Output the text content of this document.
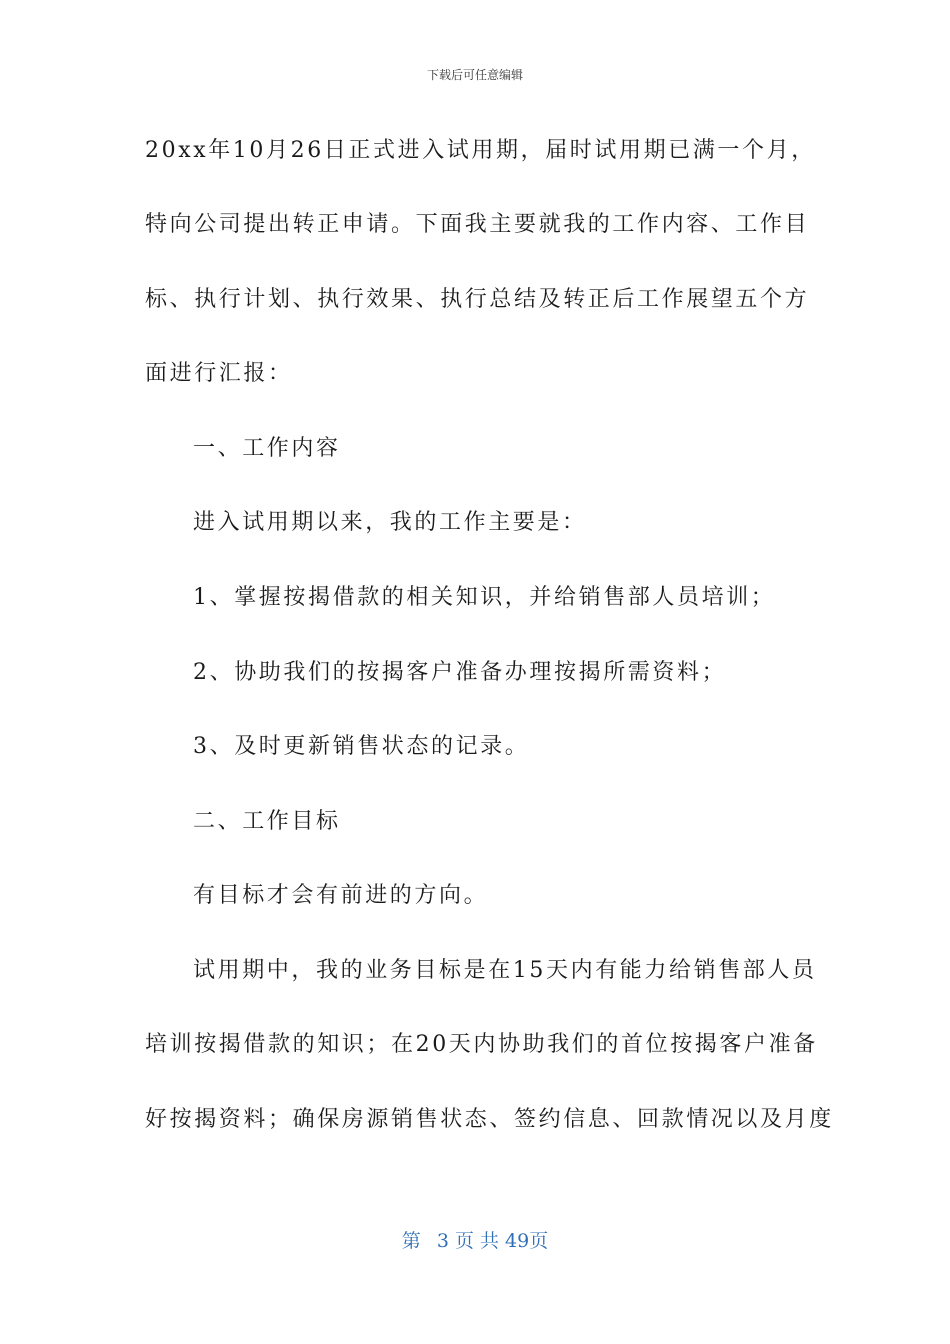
下载后可任意编辑
20xx年10月26日正式进入试用期，届时试用期已满一个月，
特向公司提出转正申请。下面我主要就我的工作内容、工作目
标、执行计划、执行效果、执行总结及转正后工作展望五个方
面进行汇报：
一、工作内容
进入试用期以来，我的工作主要是：
1、掌握按揭借款的相关知识，并给销售部人员培训；
2、协助我们的按揭客户准备办理按揭所需资料；
3、及时更新销售状态的记录。
二、工作目标
有目标才会有前进的方向。
试用期中，我的业务目标是在15天内有能力给销售部人员
培训按揭借款的知识；在20天内协助我们的首位按揭客户准备
好按揭资料；确保房源销售状态、签约信息、回款情况以及月度
第 3 页 共 49页
